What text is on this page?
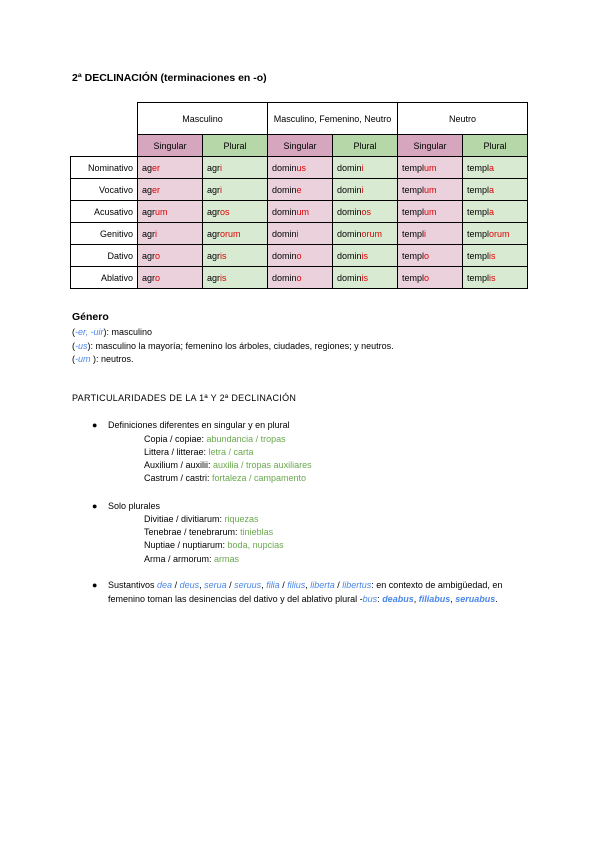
2ª DECLINACIÓN (terminaciones en -o)
	Masculino		Masculino, Femenino, Neutro		Neutro	
	Singular	Plural	Singular	Plural	Singular	Plural
Nominativo	ager	agri	dominus	domini	templum	templa
Vocativo	ager	agri	domine	domini	templum	templa
Acusativo	agrum	agros	dominum	dominos	templum	templa
Genitivo	agri	agrorum	domini	dominorum	templi	templorum
Dativo	agro	agris	domino	dominis	templo	templis
Ablativo	agro	agris	domino	dominis	templo	templis
Género
(-er, -uir): masculino
(-us): masculino la mayoría; femenino los árboles, ciudades, regiones; y neutros.
(-um ): neutros.
PARTICULARIDADES DE LA 1ª Y 2ª DECLINACIÓN
● Definiciones diferentes en singular y en plural
Copia / copiae: abundancia / tropas
Littera / litterae: letra / carta
Auxilium / auxilii: auxilia / tropas auxiliares
Castrum / castri: fortaleza / campamento
● Solo plurales
Divitiae / divitiarum: riquezas
Tenebrae / tenebrarum: tinieblas
Nuptiae / nuptiarum: boda, nupcias
Arma / armorum: armas
● Sustantivos dea / deus, serua / seruus, filia / filius, liberta / libertus: en contexto de ambigüedad, en femenino toman las desinencias del dativo y del ablativo plural -bus: deabus, filiabus, seruabus.
